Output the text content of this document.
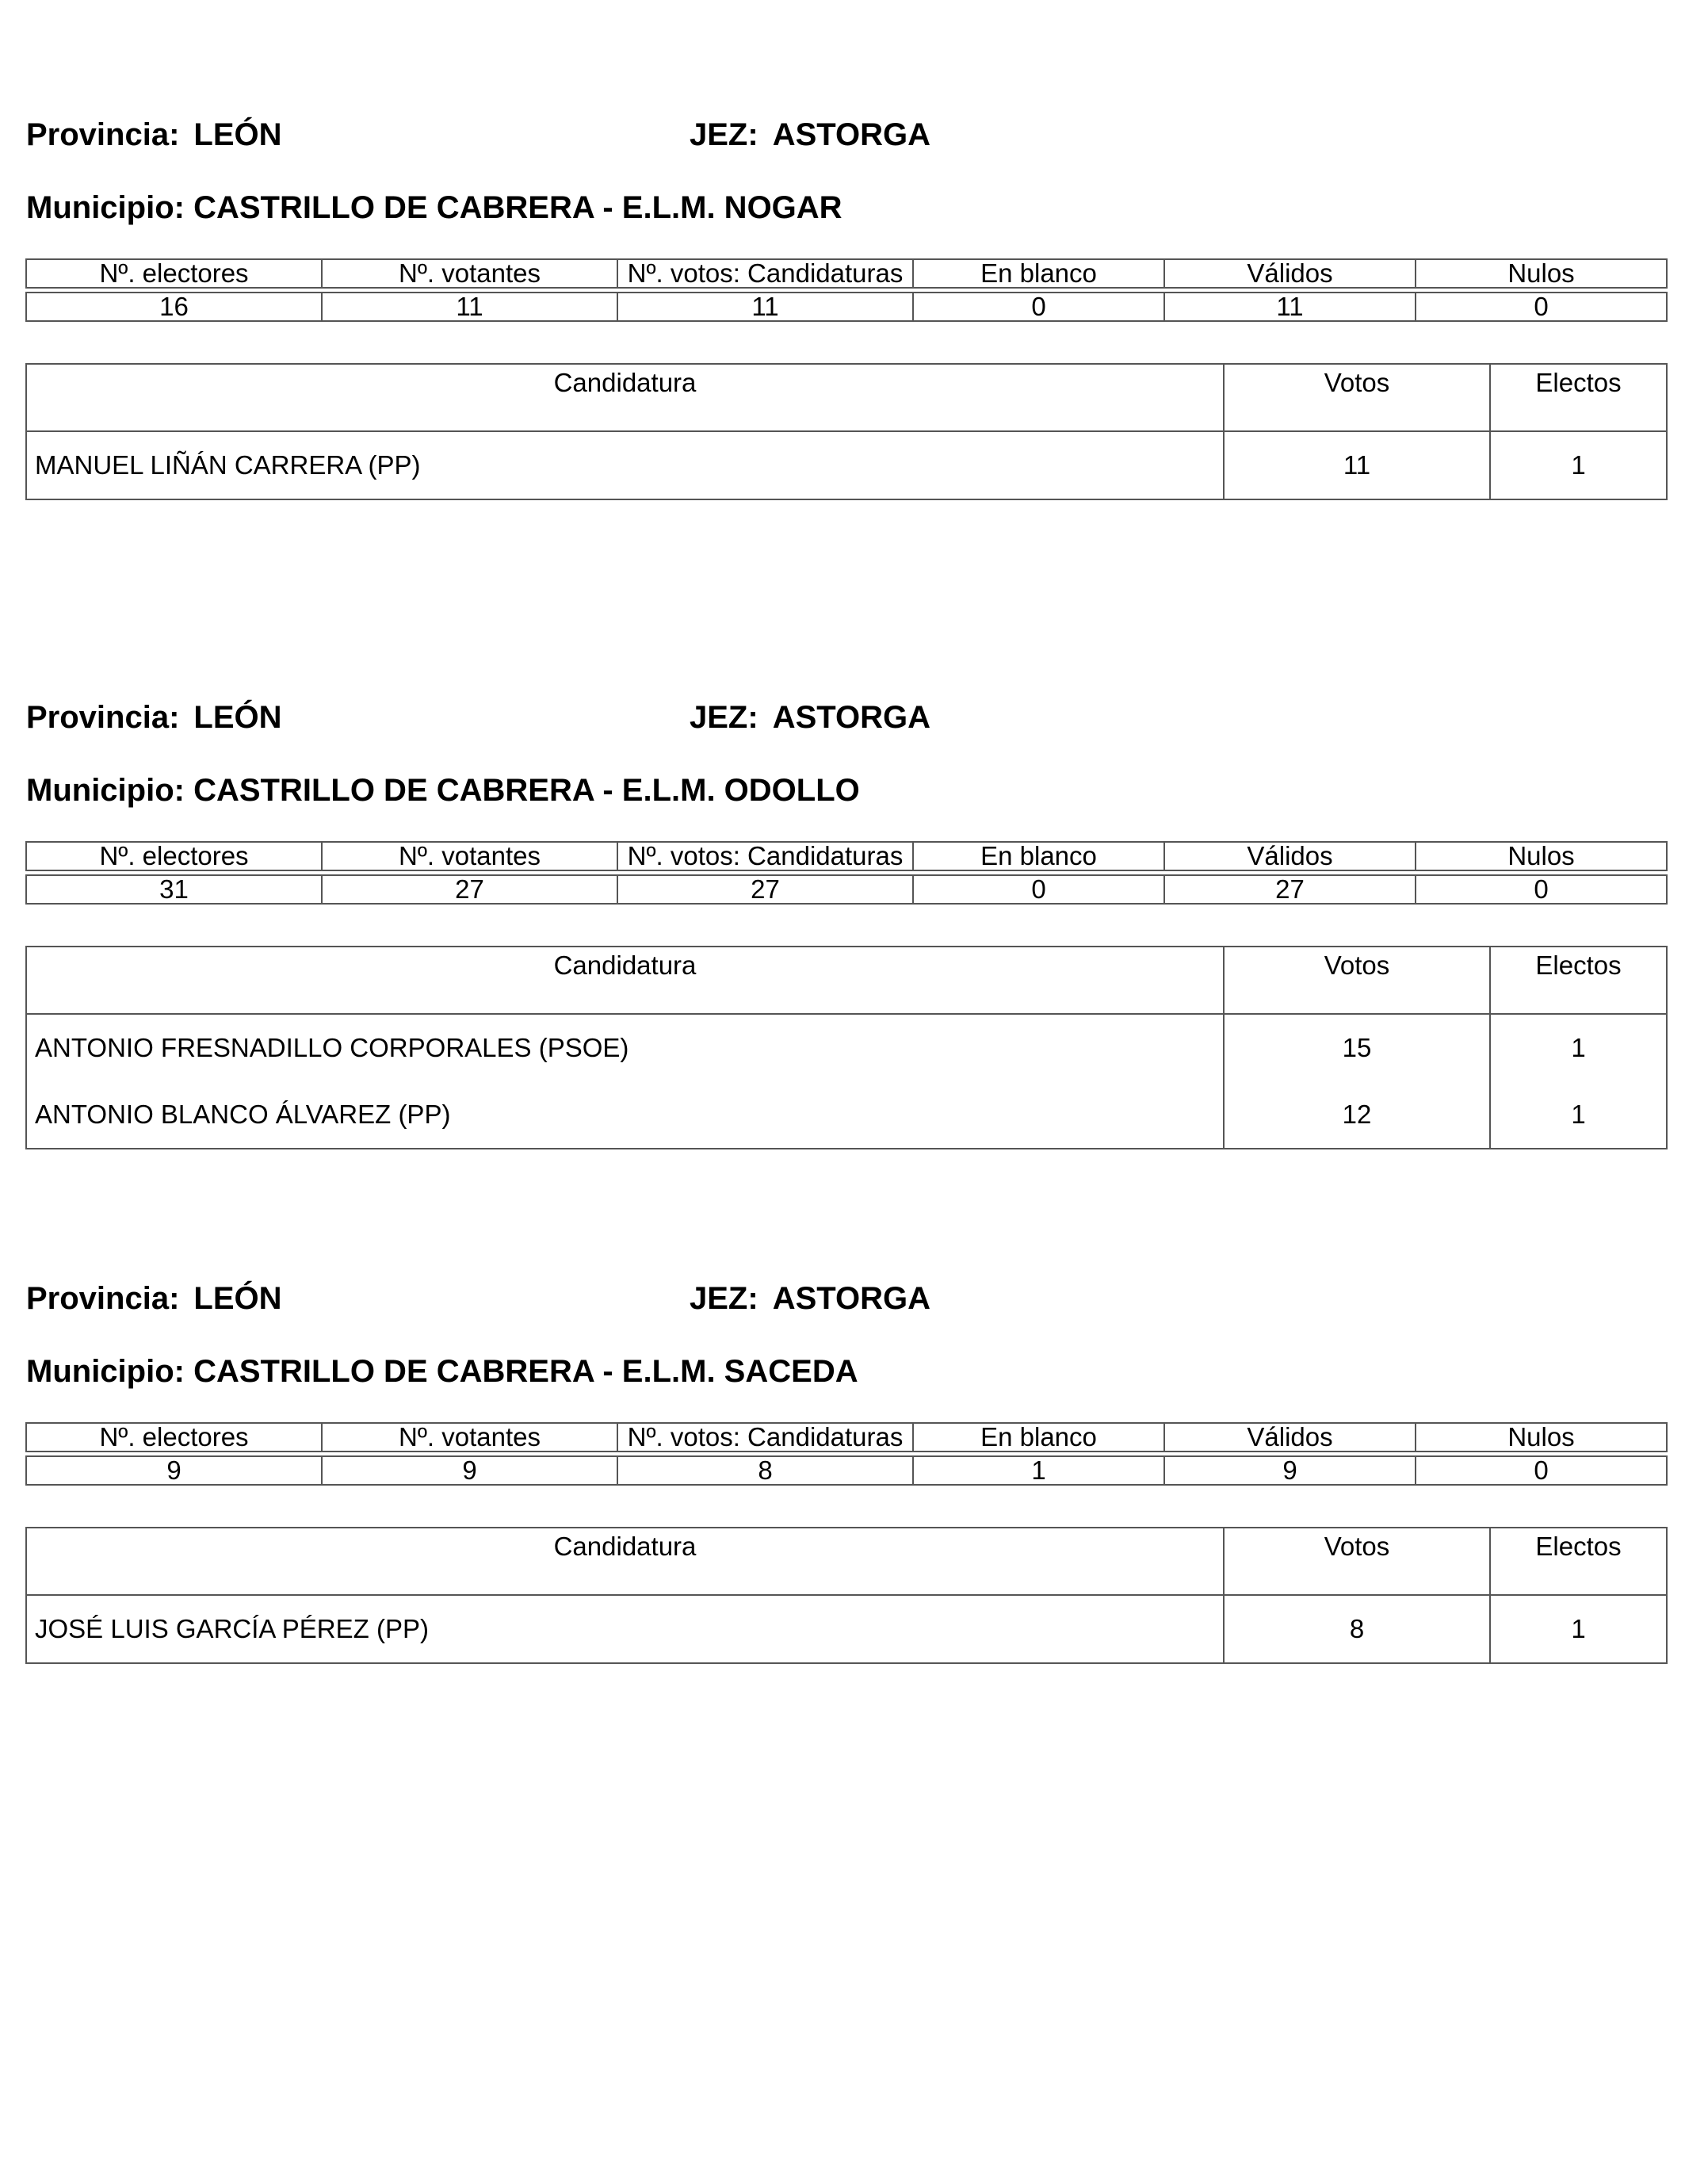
Provincia: LEÓN	JEZ: ASTORGA
Municipio: CASTRILLO DE CABRERA - E.L.M. NOGAR
Nº. electores	Nº. votantes	Nº. votos: Candidaturas	En blanco	Válidos	Nulos

16	11	11	0	11	0
Candidatura	Votos	Electos
MANUEL LIÑÁN CARRERA (PP)	11	1
Provincia: LEÓN	JEZ: ASTORGA
Municipio: CASTRILLO DE CABRERA - E.L.M. ODOLLO
Nº. electores	Nº. votantes	Nº. votos: Candidaturas	En blanco	Válidos	Nulos

31	27	27	0	27	0
Candidatura	Votos	Electos
ANTONIO FRESNADILLO CORPORALES (PSOE)	15	1
ANTONIO BLANCO ÁLVAREZ (PP)	12	1
Provincia: LEÓN	JEZ: ASTORGA
Municipio: CASTRILLO DE CABRERA - E.L.M. SACEDA
Nº. electores	Nº. votantes	Nº. votos: Candidaturas	En blanco	Válidos	Nulos

9	9	8	1	9	0
Candidatura	Votos	Electos
JOSÉ LUIS GARCÍA PÉREZ (PP)	8	1
